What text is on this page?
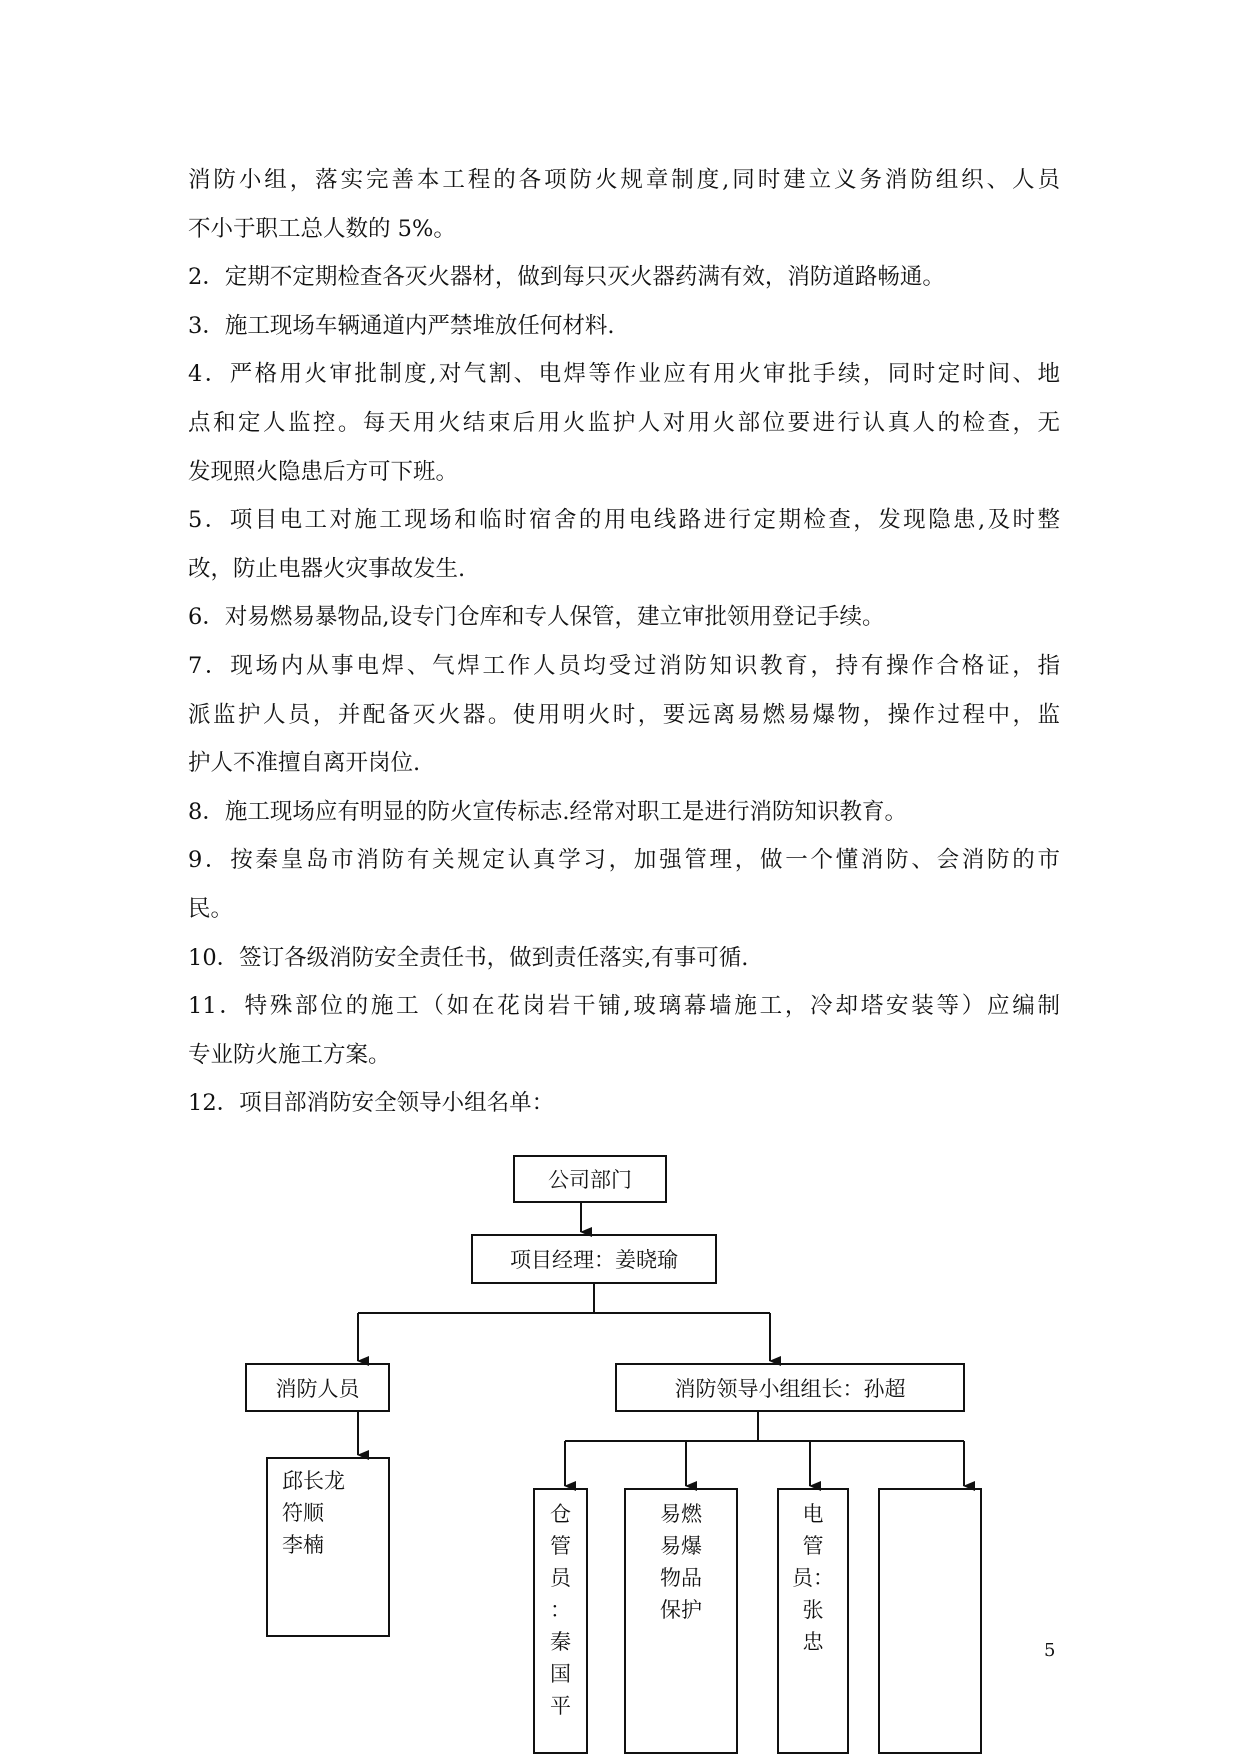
消防小组，落实完善本工程的各项防火规章制度,同时建立义务消防组织、人员
不小于职工总人数的 5%。
2．定期不定期检查各灭火器材，做到每只灭火器药满有效，消防道路畅通。
3．施工现场车辆通道内严禁堆放任何材料.
4．严格用火审批制度,对气割、电焊等作业应有用火审批手续，同时定时间、地
点和定人监控。每天用火结束后用火监护人对用火部位要进行认真人的检查，无
发现照火隐患后方可下班。
5．项目电工对施工现场和临时宿舍的用电线路进行定期检查，发现隐患,及时整
改，防止电器火灾事故发生.
6．对易燃易暴物品,设专门仓库和专人保管，建立审批领用登记手续。
7．现场内从事电焊、气焊工作人员均受过消防知识教育，持有操作合格证，指
派监护人员，并配备灭火器。使用明火时，要远离易燃易爆物，操作过程中，监
护人不准擅自离开岗位.
8．施工现场应有明显的防火宣传标志.经常对职工是进行消防知识教育。
9．按秦皇岛市消防有关规定认真学习，加强管理，做一个懂消防、会消防的市
民。
10．签订各级消防安全责任书，做到责任落实,有事可循.
11．特殊部位的施工（如在花岗岩干铺,玻璃幕墙施工，冷却塔安装等）应编制
专业防火施工方案。
12．项目部消防安全领导小组名单：
公司部门
项目经理：姜晓瑜
消防人员	消防领导小组组长：孙超
邱长龙
符顺
李楠
仓
管
员
：
秦
国
平
易燃
易爆
物品
保护
电
管
员：
张
忠	5
